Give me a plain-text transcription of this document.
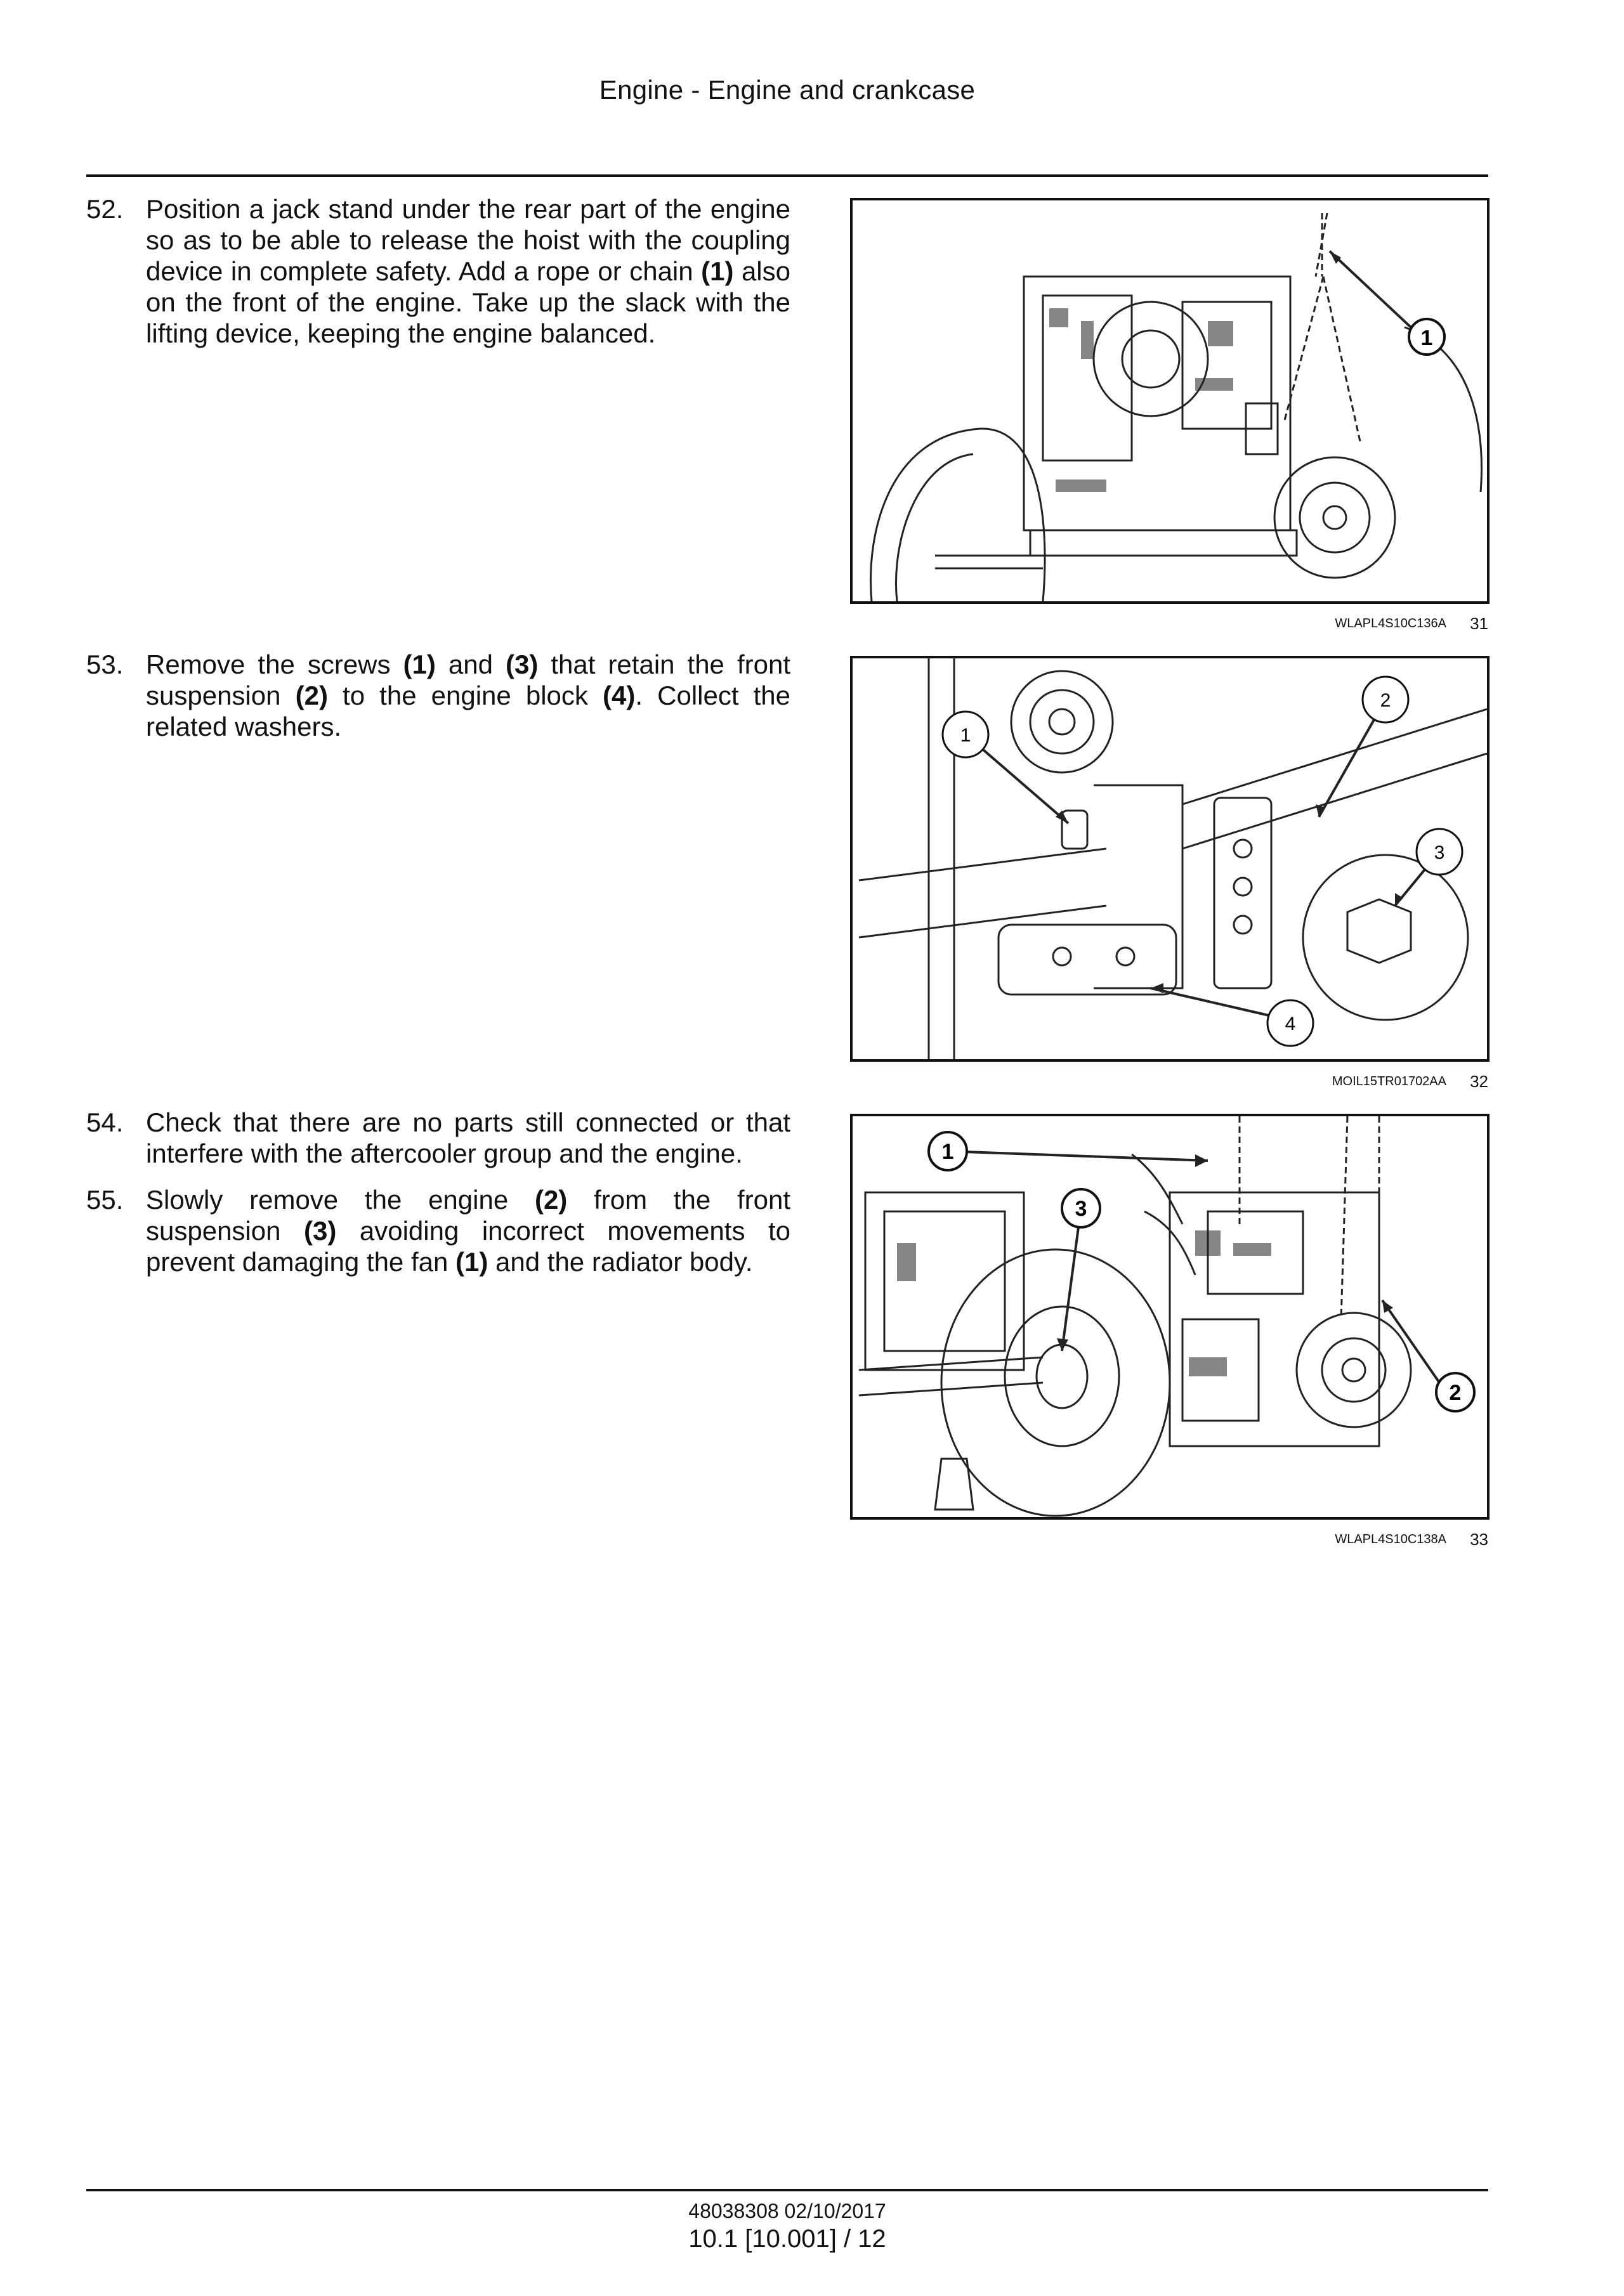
Engine - Engine and crankcase
52. Position a jack stand under the rear part of the engine so as to be able to release the hoist with the coupling device in complete safety. Add a rope or chain (1) also on the front of the engine. Take up the slack with the lifting device, keeping the engine balanced.
53. Remove the screws (1) and (3) that retain the front suspension (2) to the engine block (4). Collect the related washers.
54. Check that there are no parts still connected or that interfere with the aftercooler group and the engine.
55. Slowly remove the engine (2) from the front suspension (3) avoiding incorrect movements to prevent damaging the fan (1) and the radiator body.
1
WLAPL4S10C136A 31
1
2
3
4
MOIL15TR01702AA 32
1
3
2
WLAPL4S10C138A 33
48038308 02/10/2017
10.1 [10.001] / 12
